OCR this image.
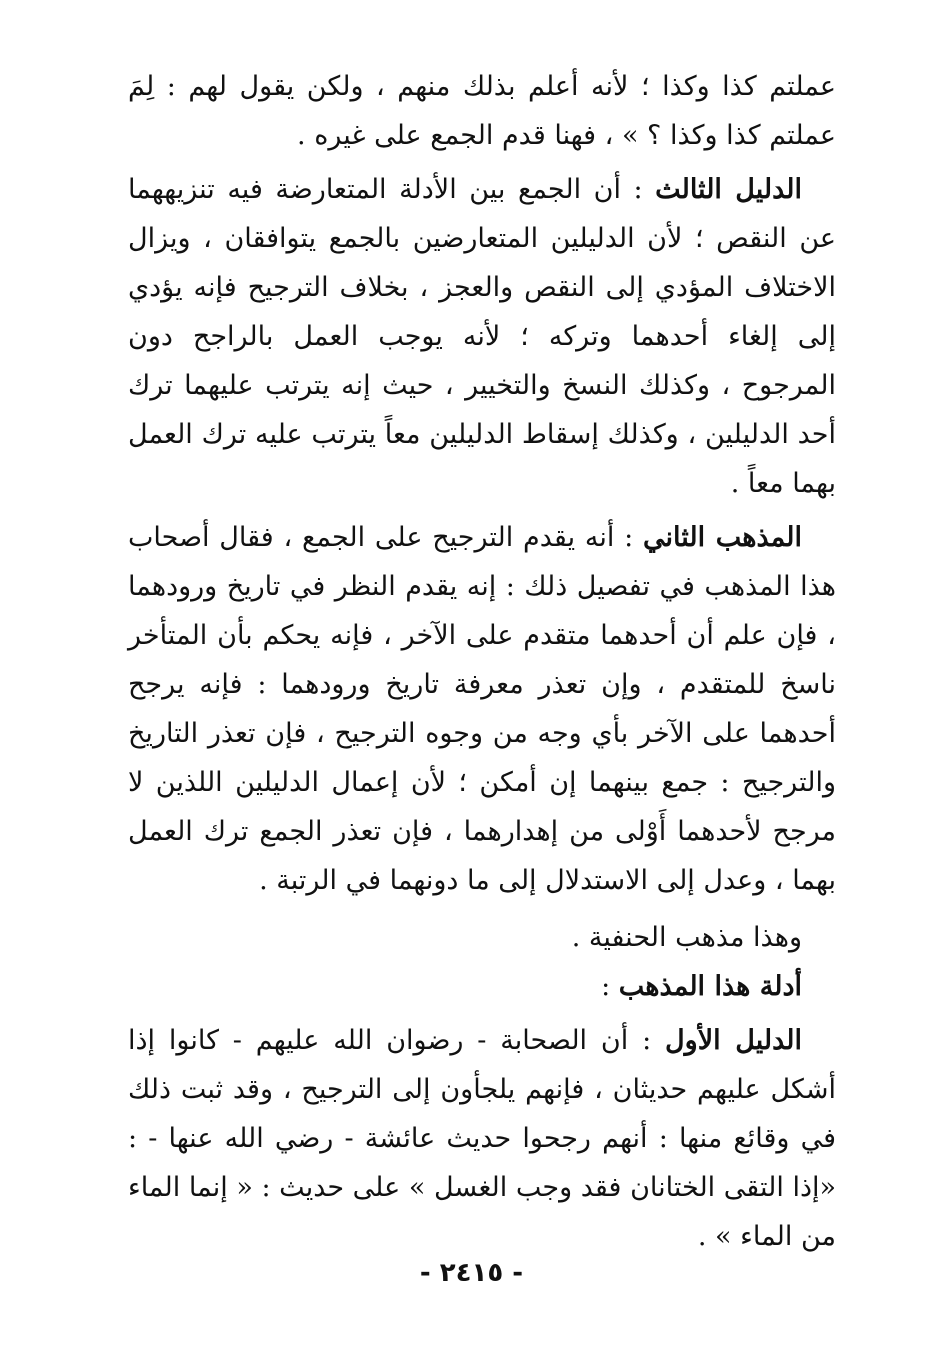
عملتم كذا وكذا ؛ لأنه أعلم بذلك منهم ، ولكن يقول لهم : لِمَ عملتم كذا وكذا ؟ » ، فهنا قدم الجمع على غيره .

الدليل الثالث : أن الجمع بين الأدلة المتعارضة فيه تنزيههما عن النقص ؛ لأن الدليلين المتعارضين بالجمع يتوافقان ، ويزال الاختلاف المؤدي إلى النقص والعجز ، بخلاف الترجيح فإنه يؤدي إلى إلغاء أحدهما وتركه ؛ لأنه يوجب العمل بالراجح دون المرجوح ، وكذلك النسخ والتخيير ، حيث إنه يترتب عليهما ترك أحد الدليلين ، وكذلك إسقاط الدليلين معاً يترتب عليه ترك العمل بهما معاً .

المذهب الثاني : أنه يقدم الترجيح على الجمع ، فقال أصحاب هذا المذهب في تفصيل ذلك : إنه يقدم النظر في تاريخ ورودهما ، فإن علم أن أحدهما متقدم على الآخر ، فإنه يحكم بأن المتأخر ناسخ للمتقدم ، وإن تعذر معرفة تاريخ ورودهما : فإنه يرجح أحدهما على الآخر بأي وجه من وجوه الترجيح ، فإن تعذر التاريخ والترجيح : جمع بينهما إن أمكن ؛ لأن إعمال الدليلين اللذين لا مرجح لأحدهما أَوْلى من إهدارهما ، فإن تعذر الجمع ترك العمل بهما ، وعدل إلى الاستدلال إلى ما دونهما في الرتبة .

وهذا مذهب الحنفية .

أدلة هذا المذهب :

الدليل الأول : أن الصحابة - رضوان الله عليهم - كانوا إذا أشكل عليهم حديثان ، فإنهم يلجأون إلى الترجيح ، وقد ثبت ذلك في وقائع منها : أنهم رجحوا حديث عائشة - رضي الله عنها - : «إذا التقى الختانان فقد وجب الغسل » على حديث : « إنما الماء من الماء » .

- ٢٤١٥ -
